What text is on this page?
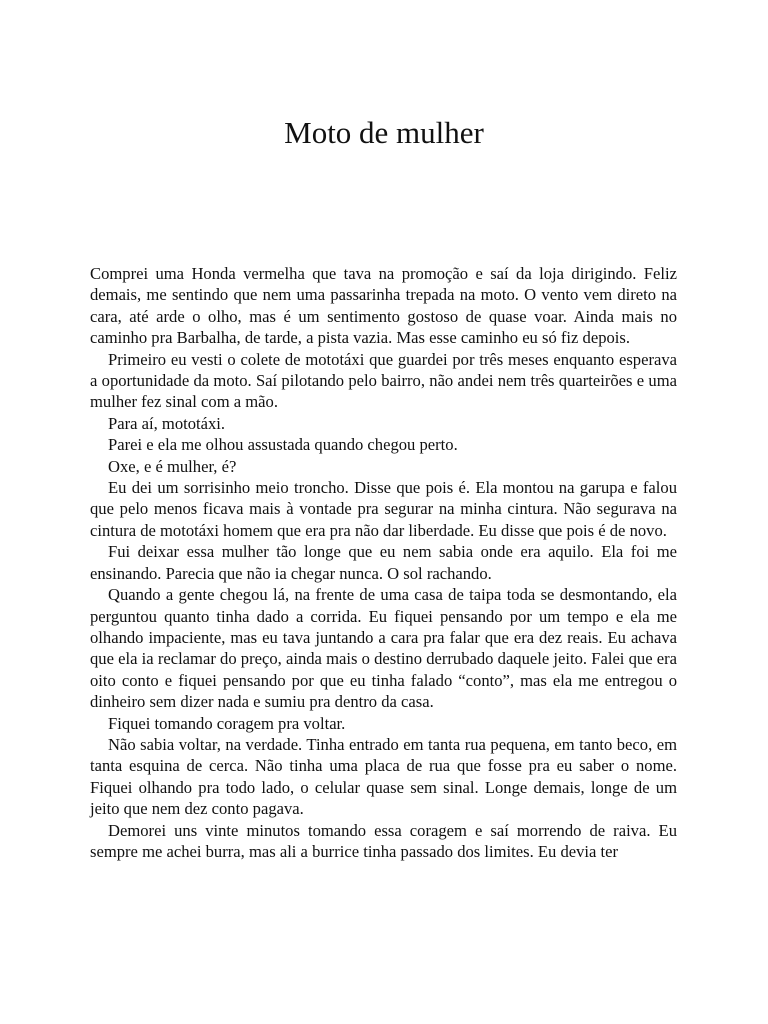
Moto de mulher

Comprei uma Honda vermelha que tava na promoção e saí da loja dirigindo. Feliz demais, me sentindo que nem uma passarinha trepada na moto. O vento vem direto na cara, até arde o olho, mas é um sentimento gostoso de quase voar. Ainda mais no caminho pra Barbalha, de tarde, a pista vazia. Mas esse caminho eu só fiz depois.

Primeiro eu vesti o colete de mototáxi que guardei por três meses enquanto esperava a oportunidade da moto. Saí pilotando pelo bairro, não andei nem três quarteirões e uma mulher fez sinal com a mão.

Para aí, mototáxi.

Parei e ela me olhou assustada quando chegou perto.

Oxe, e é mulher, é?

Eu dei um sorrisinho meio troncho. Disse que pois é. Ela montou na garupa e falou que pelo menos ficava mais à vontade pra segurar na minha cintura. Não segurava na cintura de mototáxi homem que era pra não dar liberdade. Eu disse que pois é de novo.

Fui deixar essa mulher tão longe que eu nem sabia onde era aquilo. Ela foi me ensinando. Parecia que não ia chegar nunca. O sol rachando.

Quando a gente chegou lá, na frente de uma casa de taipa toda se desmontando, ela perguntou quanto tinha dado a corrida. Eu fiquei pensando por um tempo e ela me olhando impaciente, mas eu tava juntando a cara pra falar que era dez reais. Eu achava que ela ia reclamar do preço, ainda mais o destino derrubado daquele jeito. Falei que era oito conto e fiquei pensando por que eu tinha falado “conto”, mas ela me entregou o dinheiro sem dizer nada e sumiu pra dentro da casa.

Fiquei tomando coragem pra voltar.

Não sabia voltar, na verdade. Tinha entrado em tanta rua pequena, em tanto beco, em tanta esquina de cerca. Não tinha uma placa de rua que fosse pra eu saber o nome. Fiquei olhando pra todo lado, o celular quase sem sinal. Longe demais, longe de um jeito que nem dez conto pagava.

Demorei uns vinte minutos tomando essa coragem e saí morrendo de raiva. Eu sempre me achei burra, mas ali a burrice tinha passado dos limites. Eu devia ter
